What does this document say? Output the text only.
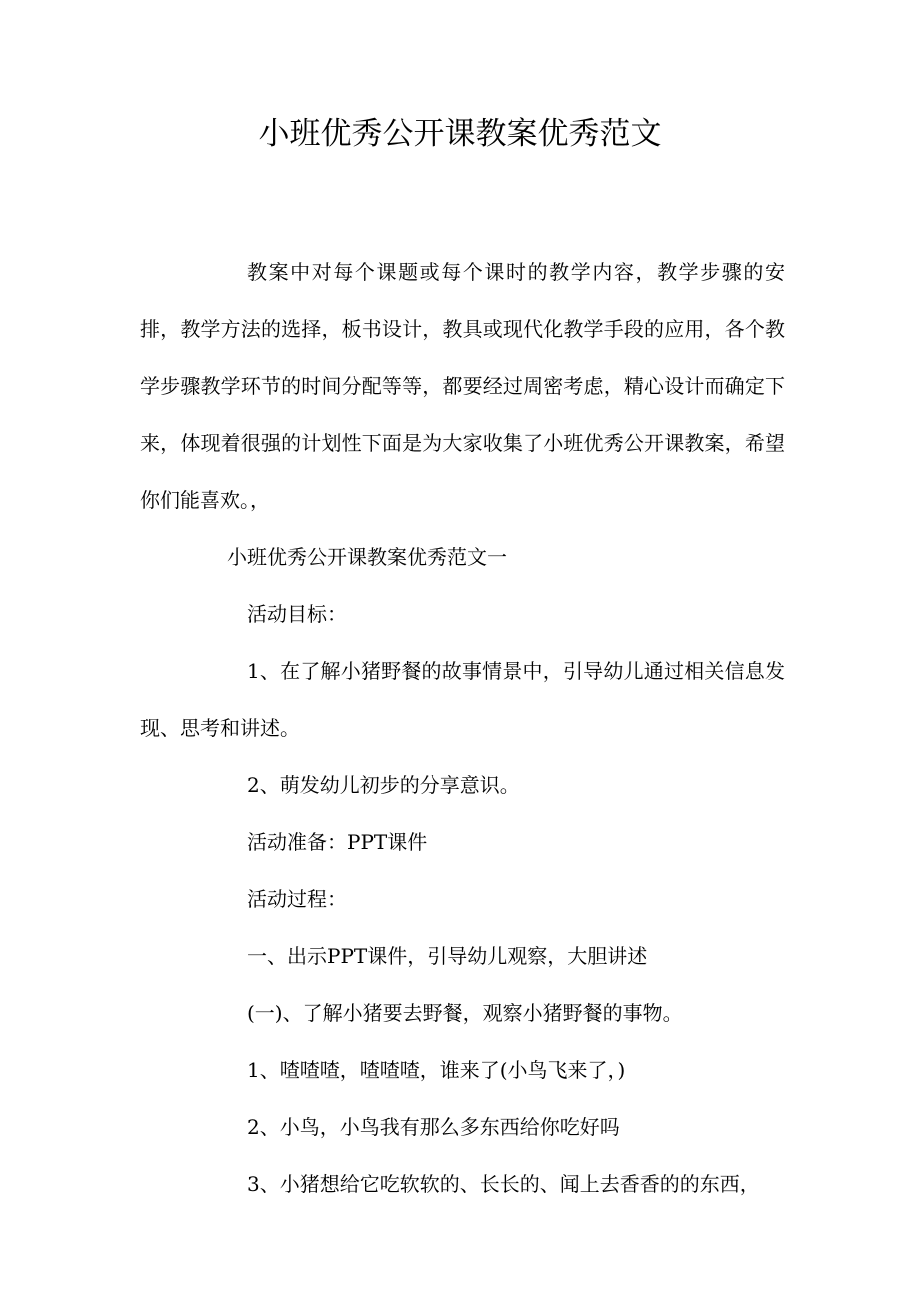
小班优秀公开课教案优秀范文

教案中对每个课题或每个课时的教学内容，教学步骤的安排，教学方法的选择，板书设计，教具或现代化教学手段的应用，各个教学步骤教学环节的时间分配等等，都要经过周密考虑，精心设计而确定下来，体现着很强的计划性下面是为大家收集了小班优秀公开课教案，希望你们能喜欢。，

小班优秀公开课教案优秀范文一

活动目标：

1、在了解小猪野餐的故事情景中，引导幼儿通过相关信息发现、思考和讲述。

2、萌发幼儿初步的分享意识。

活动准备：PPT课件

活动过程：

一、出示PPT课件，引导幼儿观察，大胆讲述

(一)、了解小猪要去野餐，观察小猪野餐的事物。

1、喳喳喳，喳喳喳，谁来了(小鸟飞来了，)

2、小鸟，小鸟我有那么多东西给你吃好吗

3、小猪想给它吃软软的、长长的、闻上去香香的的东西，
